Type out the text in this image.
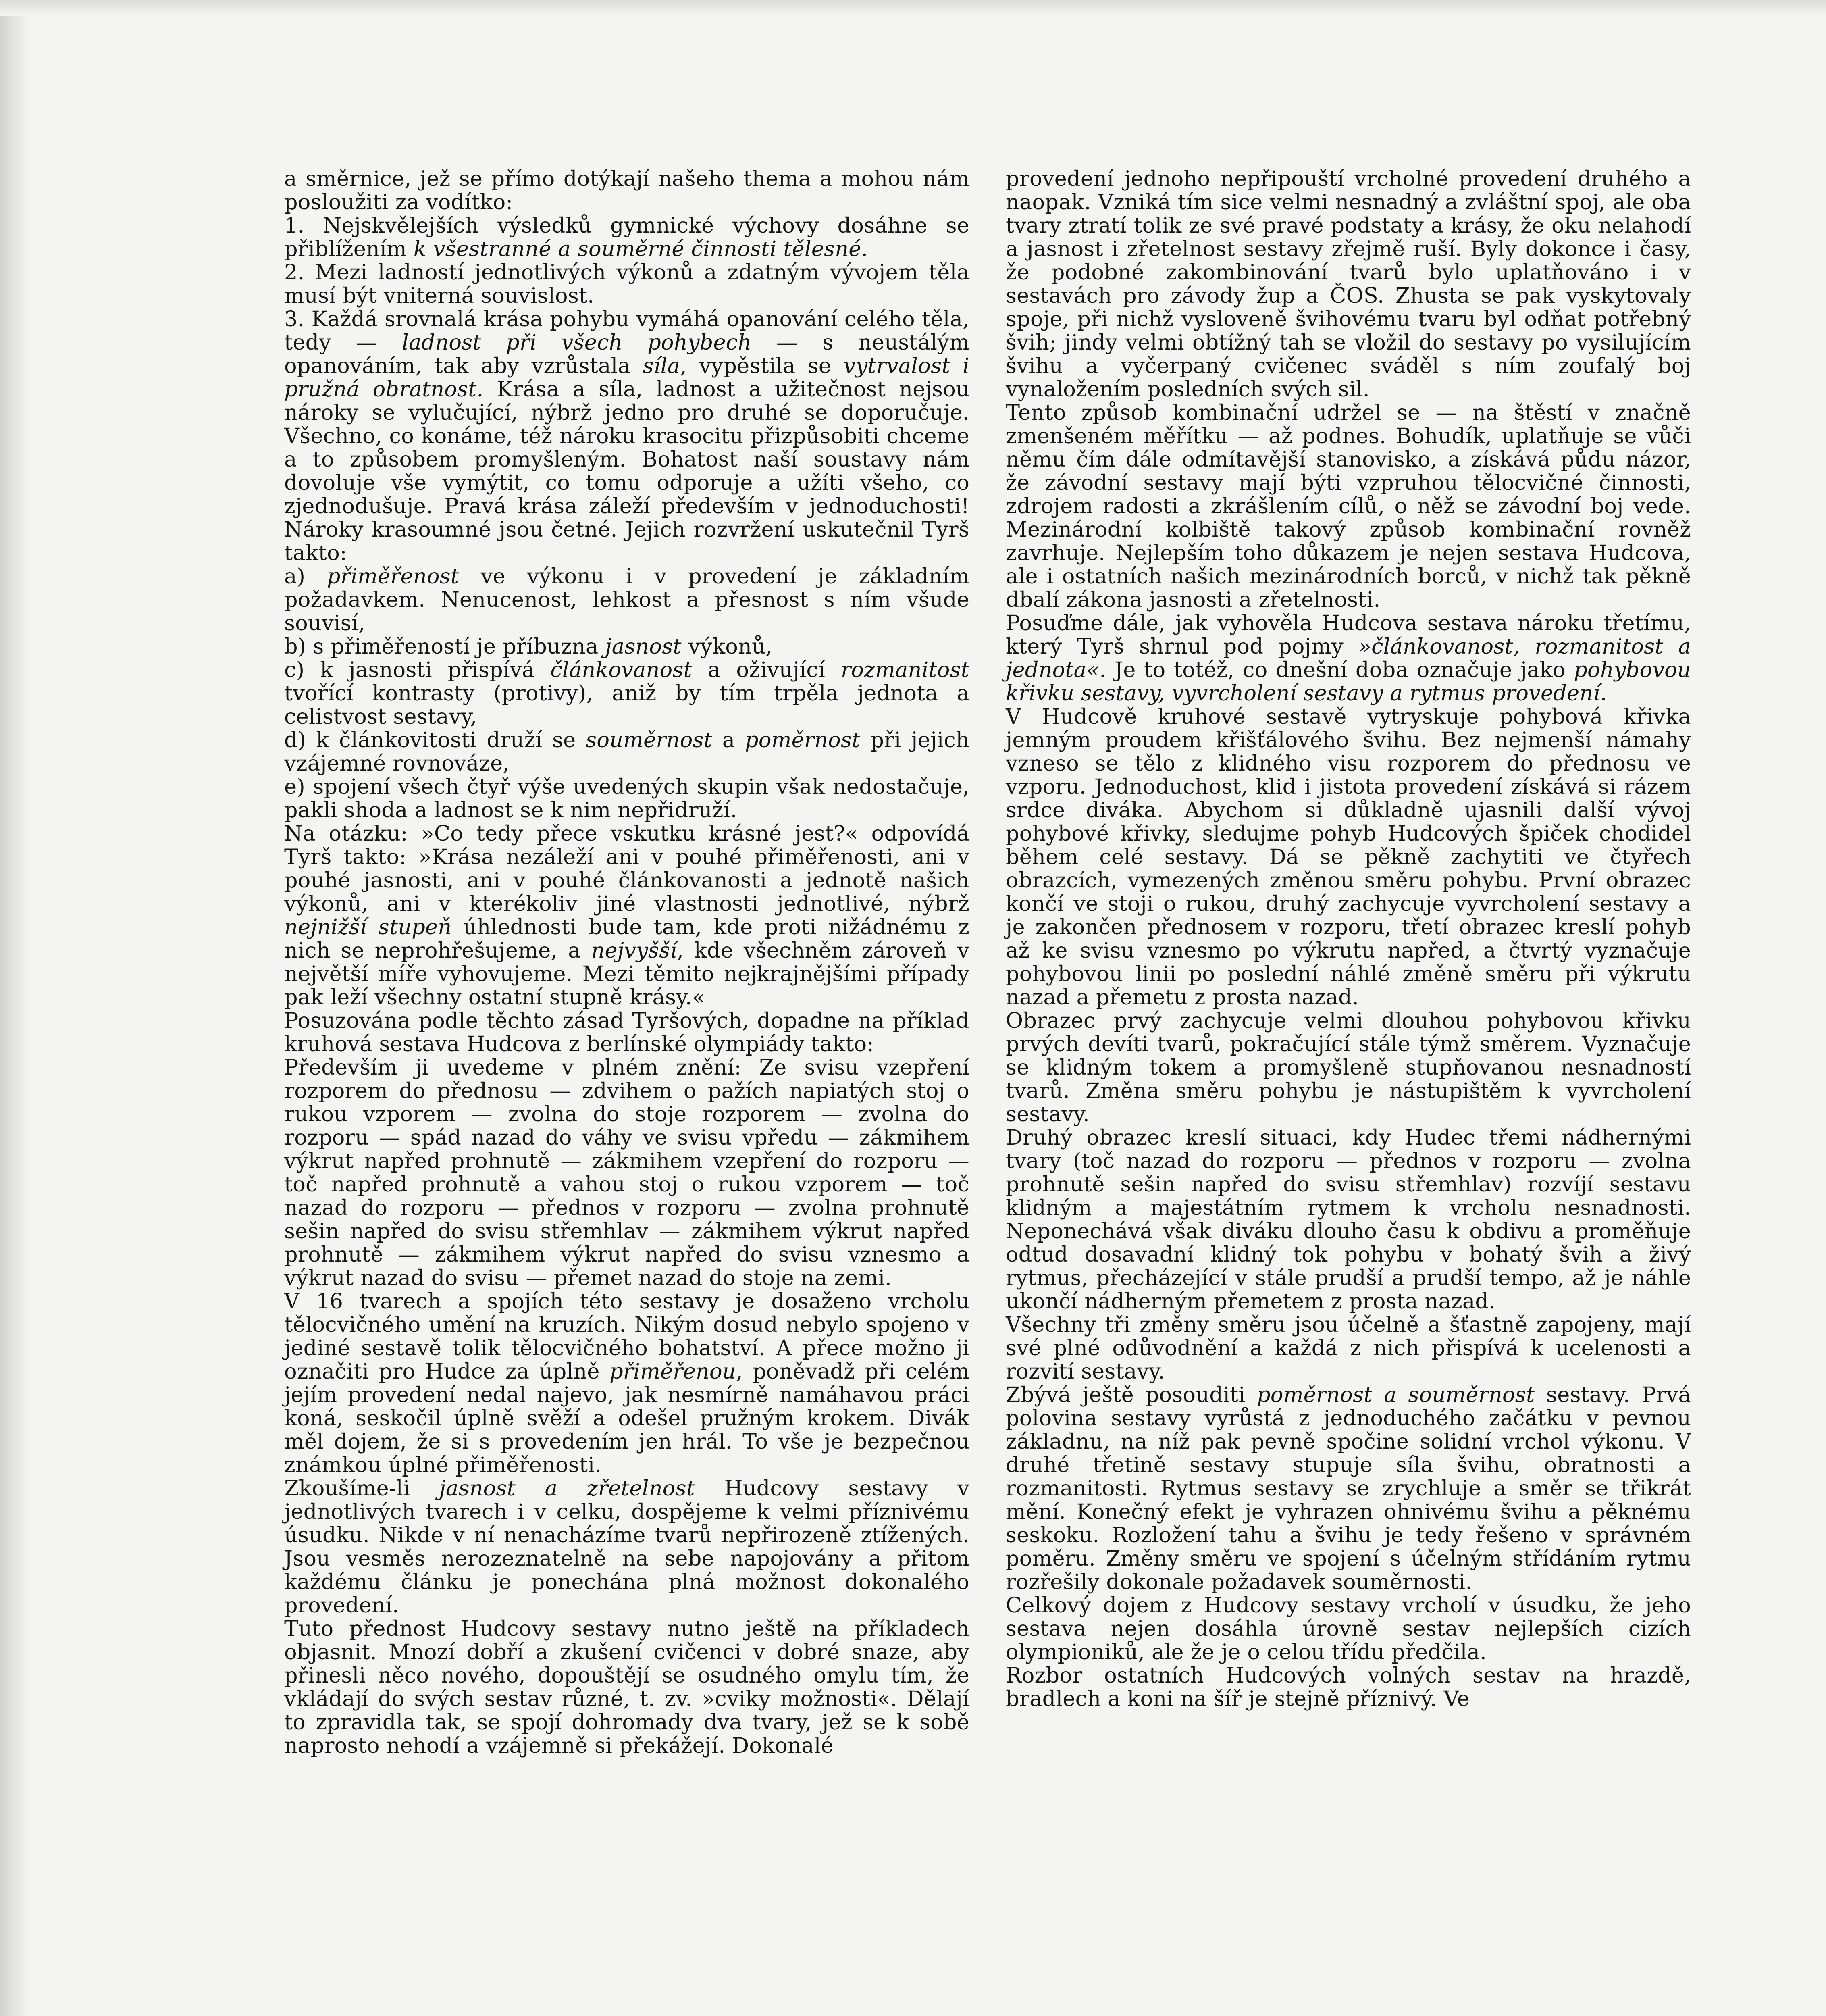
a směrnice, jež se přímo dotýkají našeho thema a mohou nám posloužiti za vodítko:

1. Nejskvělejších výsledků gymnické výchovy dosáhne se přiblížením k všestranné a souměrné činnosti tělesné.

2. Mezi ladností jednotlivých výkonů a zdatným vývojem těla musí být vniterná souvislost.

3. Každá srovnalá krása pohybu vymáhá opanování celého těla, tedy — ladnost při všech pohybech — s neustálým opanováním, tak aby vzrůstala síla, vypěstila se vytrvalost i pružná obratnost. Krása a síla, ladnost a užitečnost nejsou nároky se vylučující, nýbrž jedno pro druhé se doporučuje. Všechno, co konáme, též nároku krasocitu přizpůsobiti chceme a to způsobem promyšleným. Bohatost naší soustavy nám dovoluje vše vymýtit, co tomu odporuje a užíti všeho, co zjednodušuje. Pravá krása záleží především v jednoduchosti! Nároky krasoumné jsou četné. Jejich rozvržení uskutečnil Tyrš takto:

a) přiměřenost ve výkonu i v provedení je základním požadavkem. Nenucenost, lehkost a přesnost s ním všude souvisí,

b) s přiměřeností je příbuzna jasnost výkonů,

c) k jasnosti přispívá článkovanost a oživující rozmanitost tvořící kontrasty (protivy), aniž by tím trpěla jednota a celistvost sestavy,

d) k článkovitosti druží se souměrnost a poměrnost při jejich vzájemné rovnováze,

e) spojení všech čtyř výše uvedených skupin však nedostačuje, pakli shoda a ladnost se k nim nepřidruží.

Na otázku: »Co tedy přece vskutku krásné jest?« odpovídá Tyrš takto: »Krása nezáleží ani v pouhé přiměřenosti, ani v pouhé jasnosti, ani v pouhé článkovanosti a jednotě našich výkonů, ani v kterékoliv jiné vlastnosti jednotlivé, nýbrž nejnižší stupeň úhlednosti bude tam, kde proti nižádnému z nich se neprohřešujeme, a nejvyšší, kde všechněm zároveň v největší míře vyhovujeme. Mezi těmito nejkrajnějšími případy pak leží všechny ostatní stupně krásy.«

Posuzována podle těchto zásad Tyršových, dopadne na příklad kruhová sestava Hudcova z berlínské olympiády takto:

Především ji uvedeme v plném znění: Ze svisu vzepření rozporem do přednosu — zdvihem o pažích napiatých stoj o rukou vzporem — zvolna do stoje rozporem — zvolna do rozporu — spád nazad do váhy ve svisu vpředu — zákmihem výkrut napřed prohnutě — zákmihem vzepření do rozporu — toč napřed prohnutě a vahou stoj o rukou vzporem — toč nazad do rozporu — přednos v rozporu — zvolna prohnutě sešin napřed do svisu střemhlav — zákmihem výkrut napřed prohnutě — zákmihem výkrut napřed do svisu vznesmo a výkrut nazad do svisu — přemet nazad do stoje na zemi.

V 16 tvarech a spojích této sestavy je dosaženo vrcholu tělocvičného umění na kruzích. Nikým dosud nebylo spojeno v jediné sestavě tolik tělocvičného bohatství. A přece možno ji označiti pro Hudce za úplně přiměřenou, poněvadž při celém jejím provedení nedal najevo, jak nesmírně namáhavou práci koná, seskočil úplně svěží a odešel pružným krokem. Divák měl dojem, že si s provedením jen hrál. To vše je bezpečnou známkou úplné přiměřenosti.

Zkoušíme-li jasnost a zřetelnost Hudcovy sestavy v jednotlivých tvarech i v celku, dospějeme k velmi příznivému úsudku. Nikde v ní nenacházíme tvarů nepřirozeně ztížených. Jsou vesměs nerozeznatelně na sebe napojovány a přitom každému článku je ponechána plná možnost dokonalého provedení.

Tuto přednost Hudcovy sestavy nutno ještě na příkladech objasnit. Mnozí dobří a zkušení cvičenci v dobré snaze, aby přinesli něco nového, dopouštějí se osudného omylu tím, že vkládají do svých sestav různé, t. zv. »cviky možnosti«. Dělají to zpravidla tak, se spojí dohromady dva tvary, jež se k sobě naprosto nehodí a vzájemně si překážejí. Dokonalé

provedení jednoho nepřipouští vrcholné provedení druhého a naopak. Vzniká tím sice velmi nesnadný a zvláštní spoj, ale oba tvary ztratí tolik ze své pravé podstaty a krásy, že oku nelahodí a jasnost i zřetelnost sestavy zřejmě ruší. Byly dokonce i časy, že podobné zakombinování tvarů bylo uplatňováno i v sestavách pro závody žup a ČOS. Zhusta se pak vyskytovaly spoje, při nichž vysloveně švihovému tvaru byl odňat potřebný švih; jindy velmi obtížný tah se vložil do sestavy po vysilujícím švihu a vyčerpaný cvičenec sváděl s ním zoufalý boj vynaložením posledních svých sil.

Tento způsob kombinační udržel se — na štěstí v značně zmenšeném měřítku — až podnes. Bohudík, uplatňuje se vůči němu čím dále odmítavější stanovisko, a získává půdu názor, že závodní sestavy mají býti vzpruhou tělocvičné činnosti, zdrojem radosti a zkrášlením cílů, o něž se závodní boj vede. Mezinárodní kolbiště takový způsob kombinační rovněž zavrhuje. Nejlepším toho důkazem je nejen sestava Hudcova, ale i ostatních našich mezinárodních borců, v nichž tak pěkně dbalí zákona jasnosti a zřetelnosti.

Posuďme dále, jak vyhověla Hudcova sestava nároku třetímu, který Tyrš shrnul pod pojmy »článkovanost, rozmanitost a jednota«. Je to totéž, co dnešní doba označuje jako pohybovou křivku sestavy, vyvrcholení sestavy a rytmus provedení.

V Hudcově kruhové sestavě vytryskuje pohybová křivka jemným proudem křišťálového švihu. Bez nejmenší námahy vzneso se tělo z klidného visu rozporem do přednosu ve vzporu. Jednoduchost, klid i jistota provedení získává si rázem srdce diváka. Abychom si důkladně ujasnili další vývoj pohybové křivky, sledujme pohyb Hudcových špiček chodidel během celé sestavy. Dá se pěkně zachytiti ve čtyřech obrazcích, vymezených změnou směru pohybu. První obrazec končí ve stoji o rukou, druhý zachycuje vyvrcholení sestavy a je zakončen přednosem v rozporu, třetí obrazec kreslí pohyb až ke svisu vznesmo po výkrutu napřed, a čtvrtý vyznačuje pohybovou linii po poslední náhlé změně směru při výkrutu nazad a přemetu z prosta nazad.

Obrazec prvý zachycuje velmi dlouhou pohybovou křivku prvých devíti tvarů, pokračující stále týmž směrem. Vyznačuje se klidným tokem a promyšleně stupňovanou nesnadností tvarů. Změna směru pohybu je nástupištěm k vyvrcholení sestavy.

Druhý obrazec kreslí situaci, kdy Hudec třemi nádhernými tvary (toč nazad do rozporu — přednos v rozporu — zvolna prohnutě sešin napřed do svisu střemhlav) rozvíjí sestavu klidným a majestátním rytmem k vrcholu nesnadnosti. Neponechává však diváku dlouho času k obdivu a proměňuje odtud dosavadní klidný tok pohybu v bohatý švih a živý rytmus, přecházející v stále prudší a prudší tempo, až je náhle ukončí nádherným přemetem z prosta nazad.

Všechny tři změny směru jsou účelně a šťastně zapojeny, mají své plné odůvodnění a každá z nich přispívá k ucelenosti a rozvití sestavy.

Zbývá ještě posouditi poměrnost a souměrnost sestavy. Prvá polovina sestavy vyrůstá z jednoduchého začátku v pevnou základnu, na níž pak pevně spočine solidní vrchol výkonu. V druhé třetině sestavy stupuje síla švihu, obratnosti a rozmanitosti. Rytmus sestavy se zrychluje a směr se třikrát mění. Konečný efekt je vyhrazen ohnivému švihu a pěknému seskoku. Rozložení tahu a švihu je tedy řešeno v správném poměru. Změny směru ve spojení s účelným střídáním rytmu rozřešily dokonale požadavek souměrnosti.

Celkový dojem z Hudcovy sestavy vrcholí v úsudku, že jeho sestava nejen dosáhla úrovně sestav nejlepších cizích olympioniků, ale že je o celou třídu předčila.

Rozbor ostatních Hudcových volných sestav na hrazdě, bradlech a koni na šíř je stejně příznivý. Ve
